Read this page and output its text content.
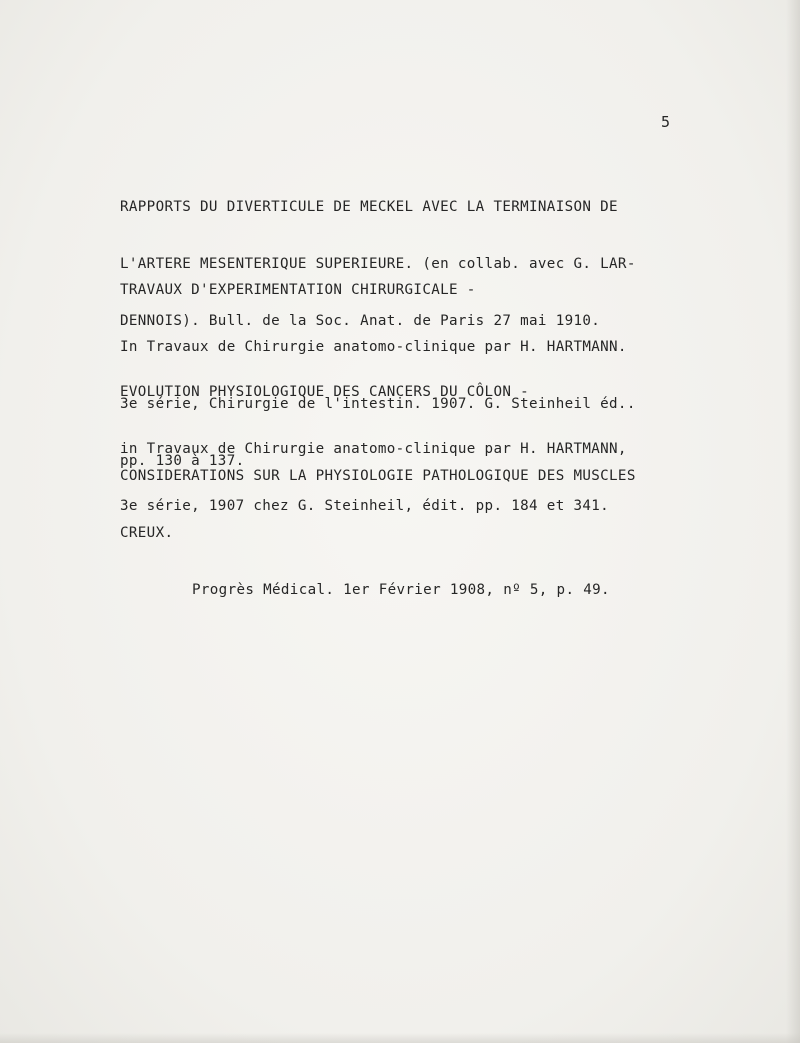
5

RAPPORTS DU DIVERTICULE DE MECKEL AVEC LA TERMINAISON DE

L'ARTERE MESENTERIQUE SUPERIEURE. (en collab. avec G. LAR-

DENNOIS). Bull. de la Soc. Anat. de Paris 27 mai 1910.

TRAVAUX D'EXPERIMENTATION CHIRURGICALE -

In Travaux de Chirurgie anatomo-clinique par H. HARTMANN.

3e série, Chirurgie de l'intestin. 1907. G. Steinheil éd..

pp. 130 à 137.

EVOLUTION PHYSIOLOGIQUE DES CANCERS DU CÔLON -

in Travaux de Chirurgie anatomo-clinique par H. HARTMANN,

3e série, 1907 chez G. Steinheil, édit. pp. 184 et 341.

CONSIDERATIONS SUR LA PHYSIOLOGIE PATHOLOGIQUE DES MUSCLES

CREUX.

Progrès Médical. 1er Février 1908, nº 5, p. 49.
